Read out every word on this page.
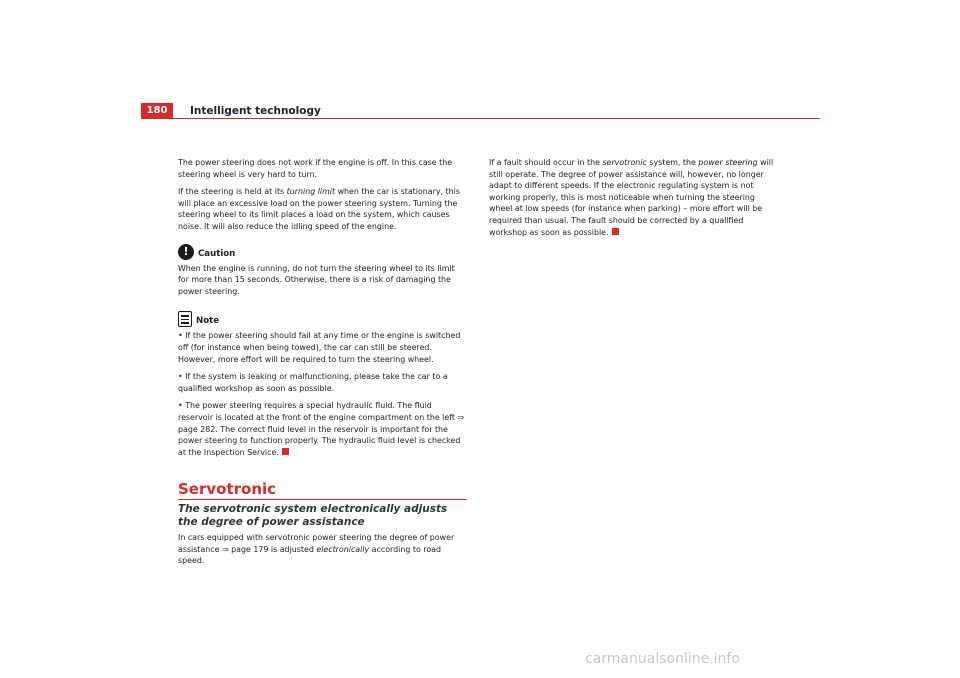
180	Intelligent technology

The power steering does not work if the engine is off. In this case the steering wheel is very hard to turn.

If the steering is held at its turning limit when the car is stationary, this will place an excessive load on the power steering system. Turning the steering wheel to its limit places a load on the system, which causes noise. It will also reduce the idling speed of the engine.

!	Caution

When the engine is running, do not turn the steering wheel to its limit for more than 15 seconds. Otherwise, there is a risk of damaging the power steering.

Note

• If the power steering should fail at any time or the engine is switched off (for instance when being towed), the car can still be steered. However, more effort will be required to turn the steering wheel.

• If the system is leaking or malfunctioning, please take the car to a qualified workshop as soon as possible.

• The power steering requires a special hydraulic fluid. The fluid reservoir is located at the front of the engine compartment on the left ⇒ page 282. The correct fluid level in the reservoir is important for the power steering to function properly. The hydraulic fluid level is checked at the Inspection Service.

Servotronic
The servotronic system electronically adjusts the degree of power assistance

In cars equipped with servotronic power steering the degree of power assistance ⇒ page 179 is adjusted electronically according to road speed.

If a fault should occur in the servotronic system, the power steering will still operate. The degree of power assistance will, however, no longer adapt to different speeds. If the electronic regulating system is not working properly, this is most noticeable when turning the steering wheel at low speeds (for instance when parking) – more effort will be required than usual. The fault should be corrected by a qualified workshop as soon as possible.

carmanualsonline.info
